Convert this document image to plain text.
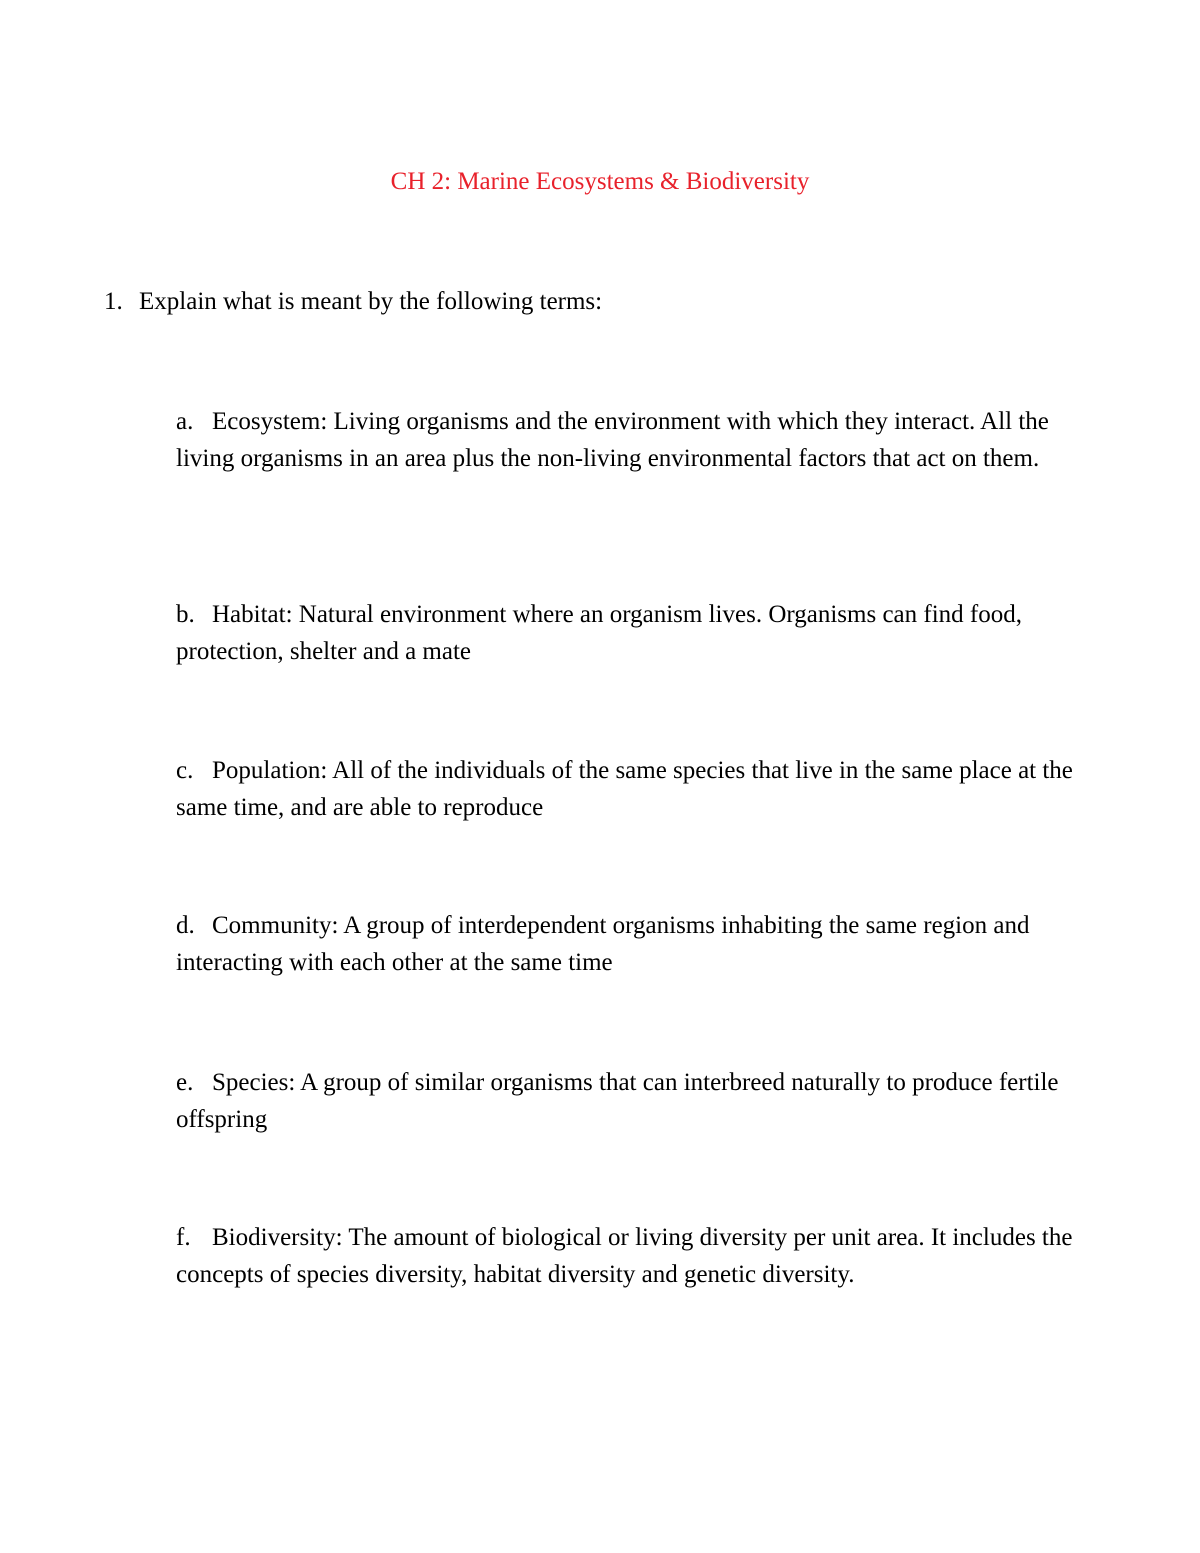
CH 2: Marine Ecosystems & Biodiversity

1. Explain what is meant by the following terms:

a. Ecosystem: Living organisms and the environment with which they interact. All the living organisms in an area plus the non-living environmental factors that act on them.

b. Habitat: Natural environment where an organism lives. Organisms can find food, protection, shelter and a mate

c. Population: All of the individuals of the same species that live in the same place at the same time, and are able to reproduce

d. Community: A group of interdependent organisms inhabiting the same region and interacting with each other at the same time

e. Species: A group of similar organisms that can interbreed naturally to produce fertile offspring

f. Biodiversity: The amount of biological or living diversity per unit area. It includes the concepts of species diversity, habitat diversity and genetic diversity.
